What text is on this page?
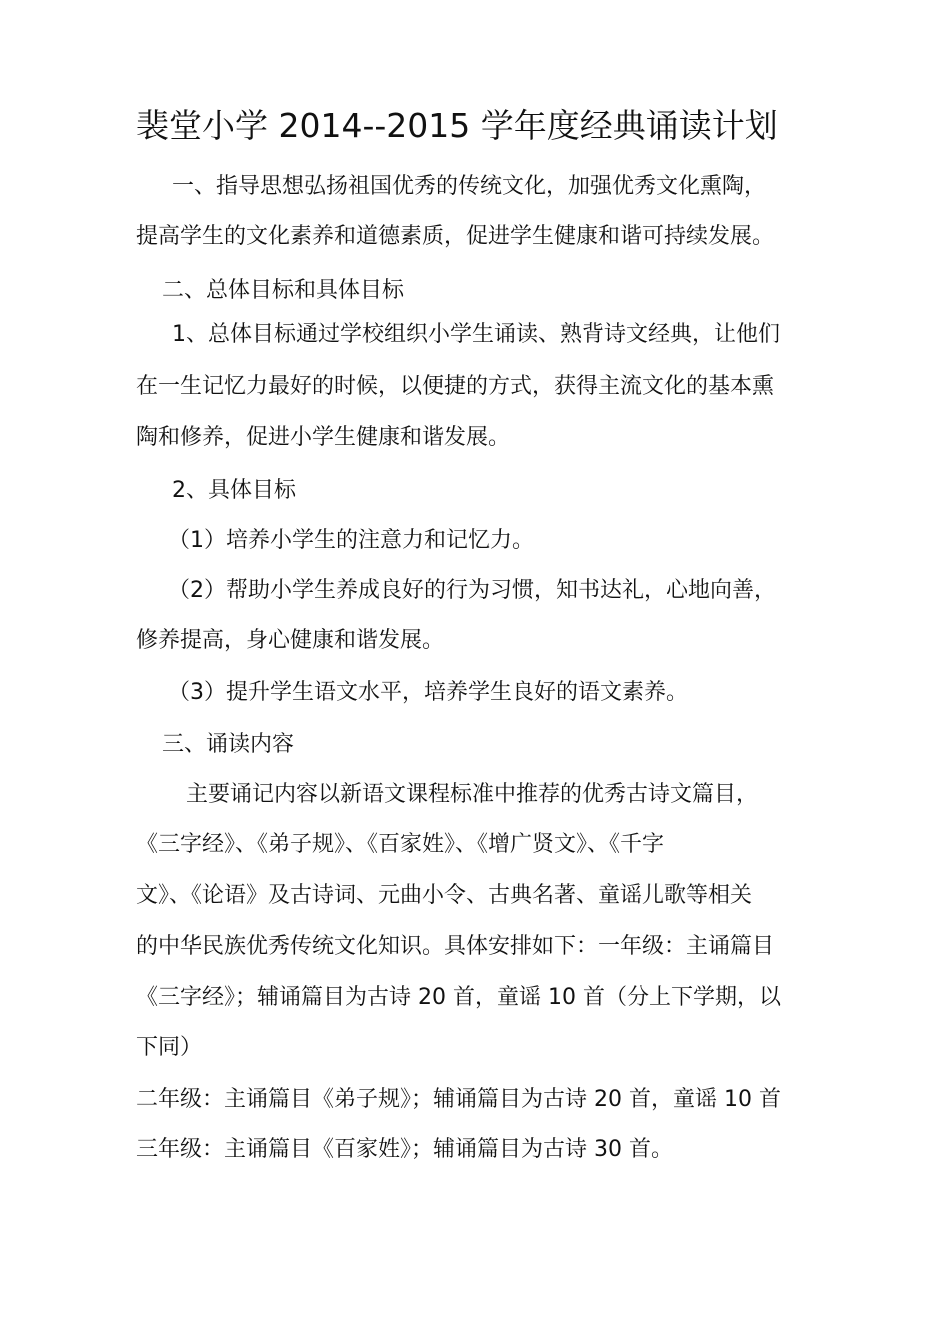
裴堂小学 2014--2015 学年度经典诵读计划
一、指导思想弘扬祖国优秀的传统文化，加强优秀文化熏陶，
提高学生的文化素养和道德素质，促进学生健康和谐可持续发展。
二、总体目标和具体目标
1、总体目标通过学校组织小学生诵读、熟背诗文经典，让他们
在一生记忆力最好的时候，以便捷的方式，获得主流文化的基本熏
陶和修养，促进小学生健康和谐发展。
2、具体目标
（1）培养小学生的注意力和记忆力。
（2）帮助小学生养成良好的行为习惯，知书达礼，心地向善，
修养提高，身心健康和谐发展。
（3）提升学生语文水平，培养学生良好的语文素养。
三、诵读内容
主要诵记内容以新语文课程标准中推荐的优秀古诗文篇目，
《三字经》、《弟子规》、《百家姓》、《增广贤文》、《千字
文》、《论语》及古诗词、元曲小令、古典名著、童谣儿歌等相关
的中华民族优秀传统文化知识。具体安排如下：一年级：主诵篇目
《三字经》；辅诵篇目为古诗 20 首，童谣 10 首（分上下学期，以
下同）
二年级：主诵篇目《弟子规》；辅诵篇目为古诗 20 首，童谣 10 首
三年级：主诵篇目《百家姓》；辅诵篇目为古诗 30 首。
